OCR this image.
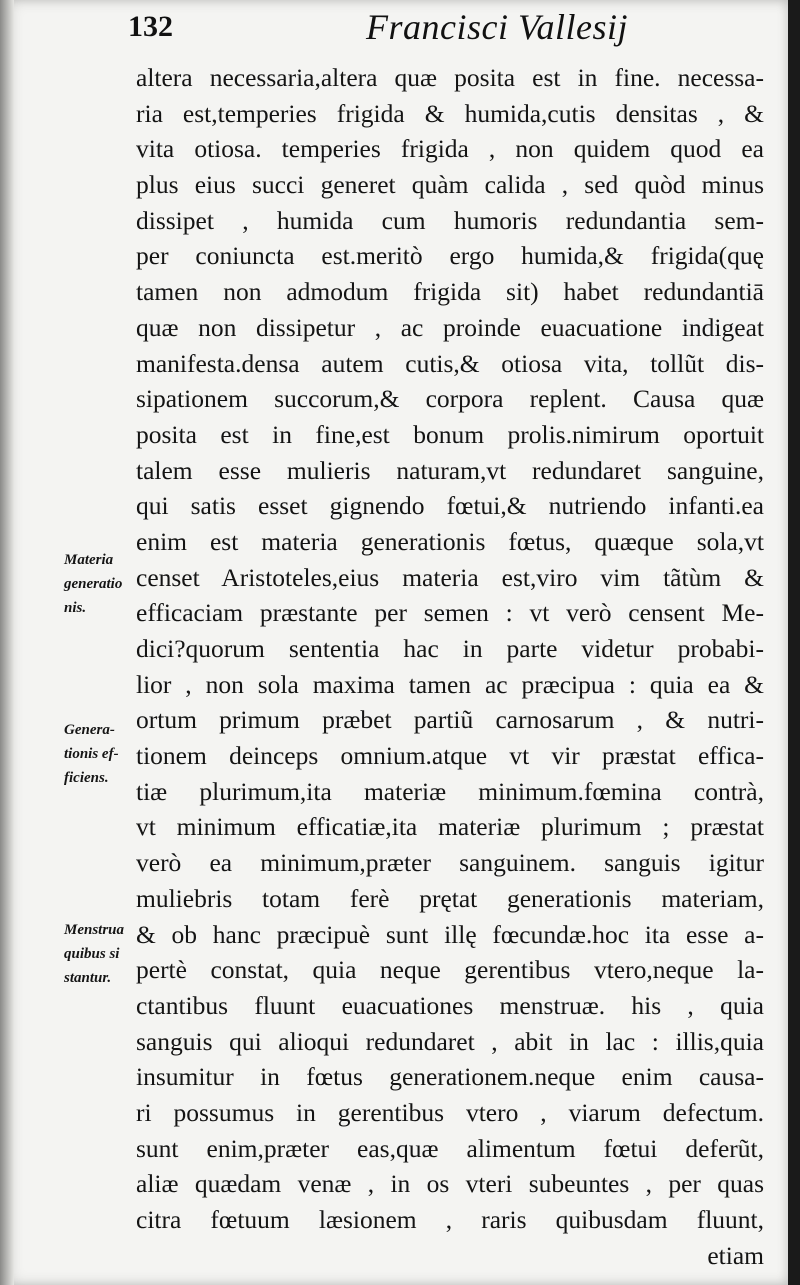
132	Francisci Vallesij
altera necessaria,altera quæ posita est in fine. necessa-
ria est,temperies frigida & humida,cutis densitas , &
vita otiosa. temperies frigida , non quidem quod ea
plus eius succi generet quàm calida , sed quòd minus
dissipet , humida cum humoris redundantia sem-
per coniuncta est.meritò ergo humida,& frigida(quę
tamen non admodum frigida sit) habet redundantiā
quæ non dissipetur , ac proinde euacuatione indigeat
manifesta.densa autem cutis,& otiosa vita, tollũt dis-
sipationem succorum,& corpora replent. Causa quæ
posita est in fine,est bonum prolis.nimirum oportuit
talem esse mulieris naturam,vt redundaret sanguine,
qui satis esset gignendo fœtui,& nutriendo infanti.ea
enim est materia generationis fœtus, quæque sola,vt
censet Aristoteles,eius materia est,viro vim tãtùm &
efficaciam præstante per semen : vt verò censent Me-
dici?quorum sententia hac in parte videtur probabi-
lior , non sola maxima tamen ac præcipua : quia ea &
ortum primum præbet partiũ carnosarum , & nutri-
tionem deinceps omnium.atque vt vir præstat effica-
tiæ plurimum,ita materiæ minimum.fœmina contrà,
vt minimum efficatiæ,ita materiæ plurimum ; præstat
verò ea minimum,præter sanguinem. sanguis igitur
muliebris totam ferè prętat generationis materiam,
& ob hanc præcipuè sunt illę fœcundæ.hoc ita esse a-
pertè constat, quia neque gerentibus vtero,neque la-
ctantibus fluunt euacuationes menstruæ. his , quia
sanguis qui alioqui redundaret , abit in lac : illis,quia
insumitur in fœtus generationem.neque enim causa-
ri possumus in gerentibus vtero , viarum defectum.
sunt enim,præter eas,quæ alimentum fœtui deferũt,
aliæ quædam venæ , in os vteri subeuntes , per quas
citra fœtuum læsionem , raris quibusdam fluunt,
etiam
Materia
generatio
nis.
Genera-
tionis ef-
ficiens.
Menstrua
quibus si
stantur.
